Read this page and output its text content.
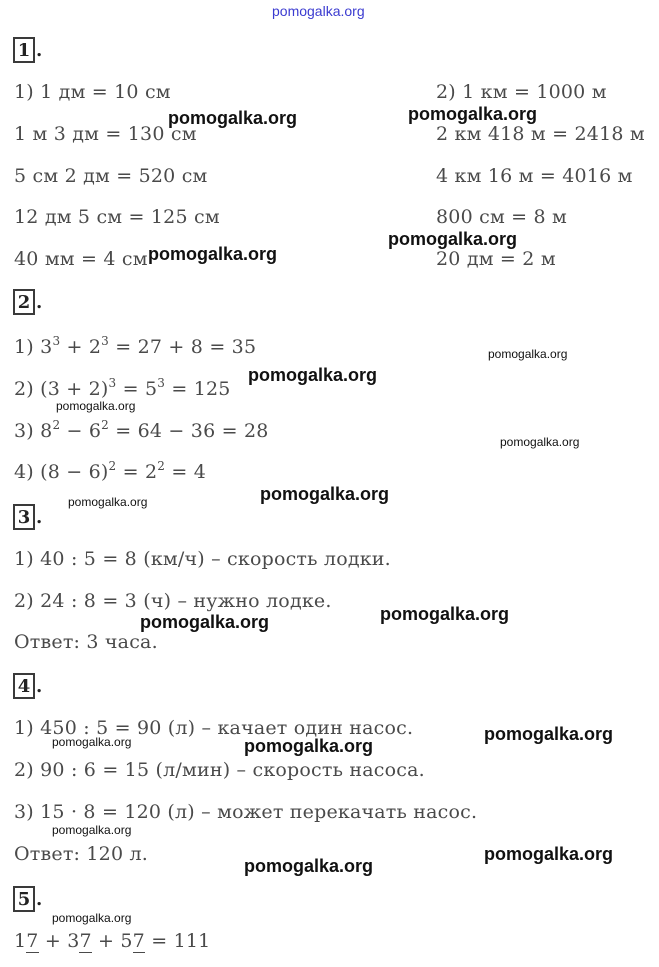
pomogalka.org
1 .
1) 1 дм = 10 см
1 м 3 дм = 130 см
5 см 2 дм = 520 см
12 дм 5 см = 125 см
40 мм = 4 см
2) 1 км = 1000 м
2 км 418 м = 2418 м
4 км 16 м = 4016 м
800 см = 8 м
20 дм = 2 м
2 .
1) $3^3 + 2^3 = 27 + 8 = 35$
2) $(3 + 2)^3 = 5^3 = 125$
3) $8^2 - 6^2 = 64 - 36 = 28$
4) $(8 - 6)^2 = 2^2 = 4$
3 .
1) 40 : 5 = 8 (км/ч) – скорость лодки.
2) 24 : 8 = 3 (ч) – нужно лодке.
Ответ: 3 часа.
4 .
1) 450 : 5 = 90 (л) – качает один насос.
2) 90 : 6 = 15 (л/мин) – скорость насоса.
3) 15 · 8 = 120 (л) – может перекачать насос.
Ответ: 120 л.
5 .
17 + 37 + 57 = 111
pomogalka.org	pomogalka.org
pomogalka.org
pomogalka.org
pomogalka.org
pomogalka.org
pomogalka.org
pomogalka.org
pomogalka.org
pomogalka.org
pomogalka.org
pomogalka.org
pomogalka.org
pomogalka.org	pomogalka.org
pomogalka.org
pomogalka.org
pomogalka.org
pomogalka.org
